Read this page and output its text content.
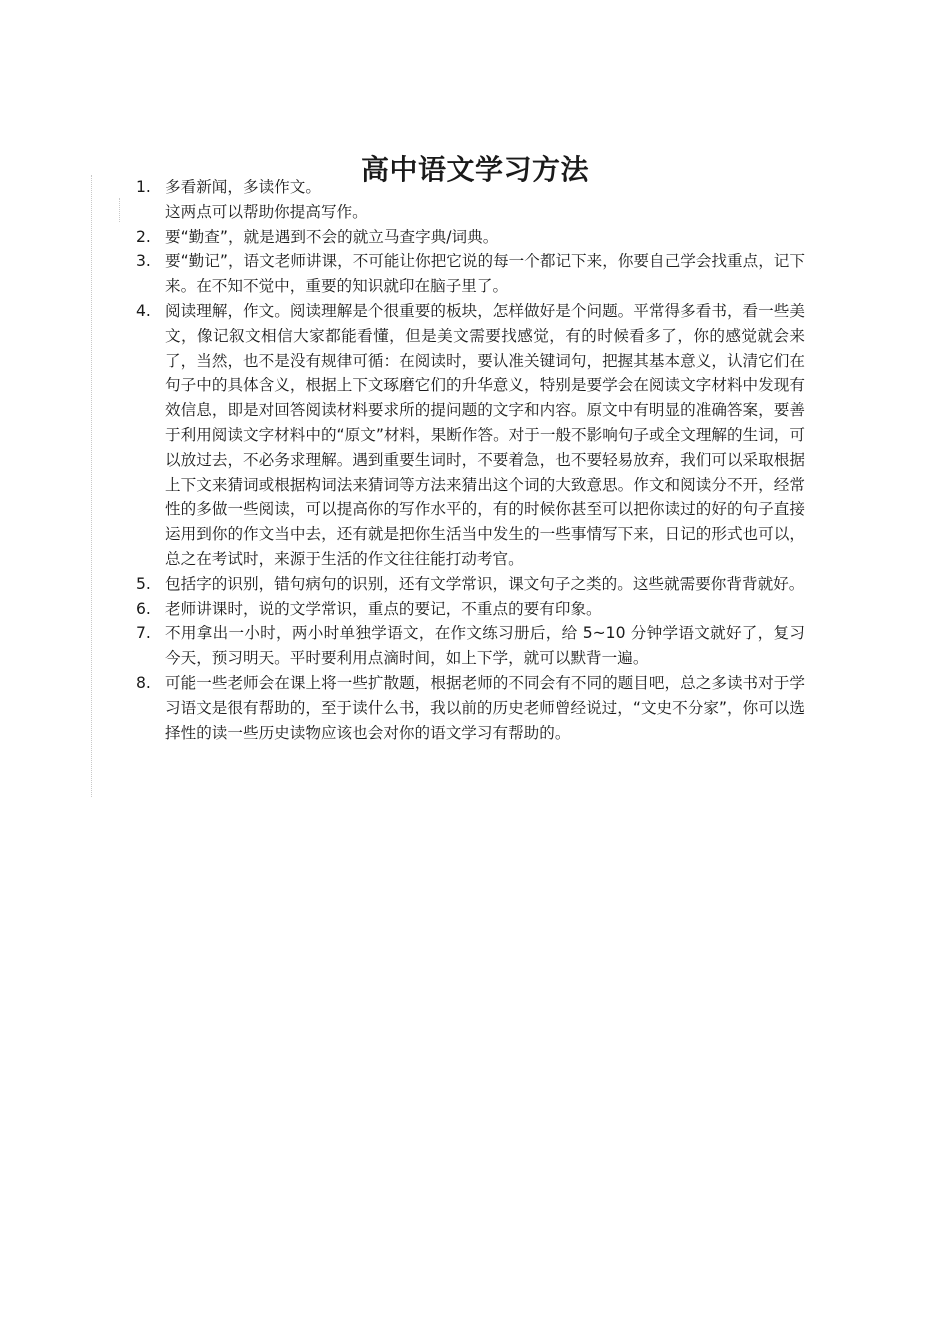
高中语文学习方法
1. 多看新闻，多读作文。
这两点可以帮助你提高写作。
2. 要“勤查”，就是遇到不会的就立马查字典/词典。
3. 要“勤记”，语文老师讲课，不可能让你把它说的每一个都记下来，你要自己学会找重点，记下来。在不知不觉中，重要的知识就印在脑子里了。
4. 阅读理解，作文。阅读理解是个很重要的板块，怎样做好是个问题。平常得多看书，看一些美文，像记叙文相信大家都能看懂，但是美文需要找感觉，有的时候看多了，你的感觉就会来了，当然，也不是没有规律可循：在阅读时，要认准关键词句，把握其基本意义，认清它们在句子中的具体含义，根据上下文琢磨它们的升华意义，特别是要学会在阅读文字材料中发现有效信息，即是对回答阅读材料要求所的提问题的文字和内容。原文中有明显的准确答案，要善于利用阅读文字材料中的“原文”材料，果断作答。对于一般不影响句子或全文理解的生词，可以放过去，不必务求理解。遇到重要生词时，不要着急，也不要轻易放弃，我们可以采取根据上下文来猜词或根据构词法来猜词等方法来猜出这个词的大致意思。作文和阅读分不开，经常性的多做一些阅读，可以提高你的写作水平的，有的时候你甚至可以把你读过的好的句子直接运用到你的作文当中去，还有就是把你生活当中发生的一些事情写下来，日记的形式也可以，总之在考试时，来源于生活的作文往往能打动考官。
5. 包括字的识别，错句病句的识别，还有文学常识，课文句子之类的。这些就需要你背背就好。
6. 老师讲课时，说的文学常识，重点的要记，不重点的要有印象。
7. 不用拿出一小时，两小时单独学语文，在作文练习册后，给 5~10 分钟学语文就好了，复习今天，预习明天。平时要利用点滴时间，如上下学，就可以默背一遍。
8. 可能一些老师会在课上将一些扩散题，根据老师的不同会有不同的题目吧，总之多读书对于学习语文是很有帮助的，至于读什么书，我以前的历史老师曾经说过，“文史不分家”，你可以选择性的读一些历史读物应该也会对你的语文学习有帮助的。
